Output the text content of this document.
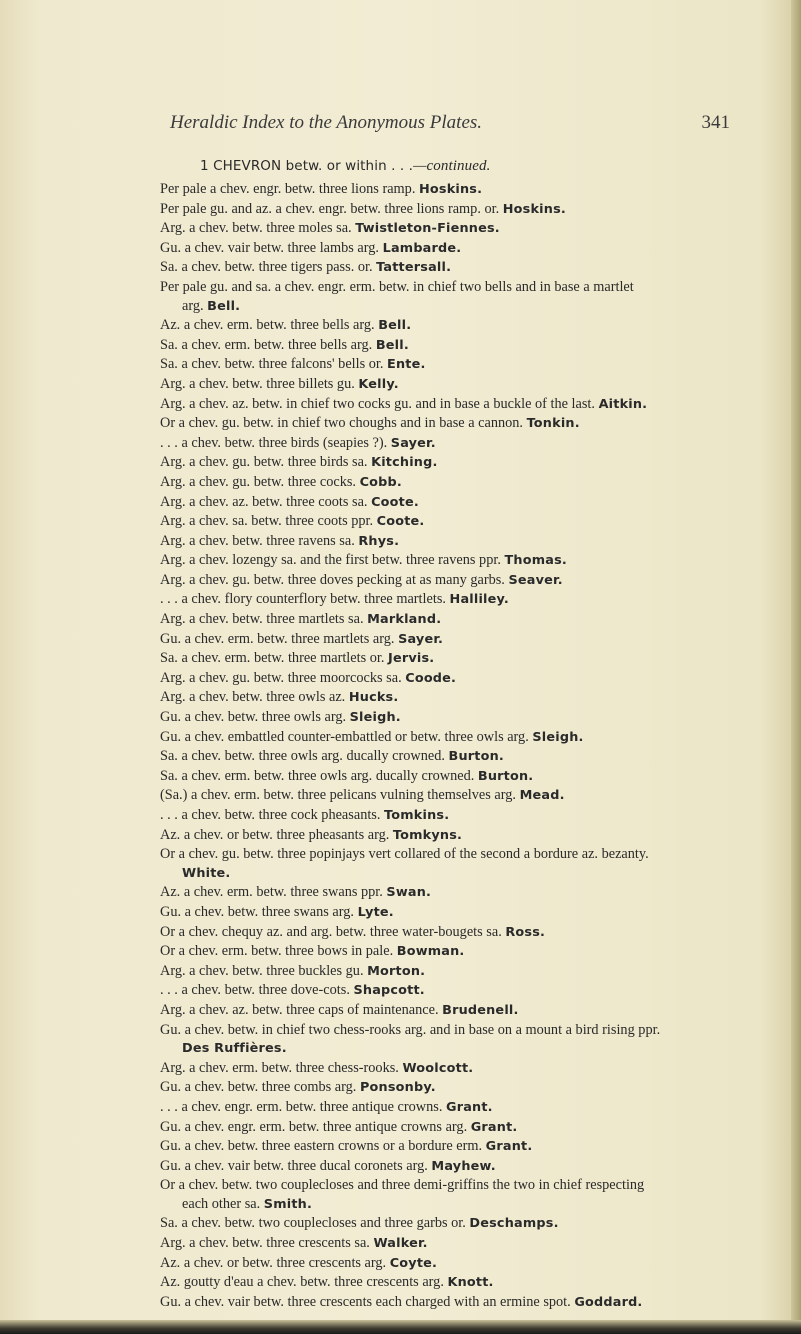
Heraldic Index to the Anonymous Plates.	341
1 CHEVRON betw. or within . . .—continued.
Per pale a chev. engr. betw. three lions ramp. Hoskins.
Per pale gu. and az. a chev. engr. betw. three lions ramp. or. Hoskins.
Arg. a chev. betw. three moles sa. Twistleton-Fiennes.
Gu. a chev. vair betw. three lambs arg. Lambarde.
Sa. a chev. betw. three tigers pass. or. Tattersall.
Per pale gu. and sa. a chev. engr. erm. betw. in chief two bells and in base a martlet
arg. Bell.
Az. a chev. erm. betw. three bells arg. Bell.
Sa. a chev. erm. betw. three bells arg. Bell.
Sa. a chev. betw. three falcons' bells or. Ente.
Arg. a chev. betw. three billets gu. Kelly.
Arg. a chev. az. betw. in chief two cocks gu. and in base a buckle of the last. Aitkin.
Or a chev. gu. betw. in chief two choughs and in base a cannon. Tonkin.
. . . a chev. betw. three birds (seapies ?). Sayer.
Arg. a chev. gu. betw. three birds sa. Kitching.
Arg. a chev. gu. betw. three cocks. Cobb.
Arg. a chev. az. betw. three coots sa. Coote.
Arg. a chev. sa. betw. three coots ppr. Coote.
Arg. a chev. betw. three ravens sa. Rhys.
Arg. a chev. lozengy sa. and the first betw. three ravens ppr. Thomas.
Arg. a chev. gu. betw. three doves pecking at as many garbs. Seaver.
. . . a chev. flory counterflory betw. three martlets. Halliley.
Arg. a chev. betw. three martlets sa. Markland.
Gu. a chev. erm. betw. three martlets arg. Sayer.
Sa. a chev. erm. betw. three martlets or. Jervis.
Arg. a chev. gu. betw. three moorcocks sa. Coode.
Arg. a chev. betw. three owls az. Hucks.
Gu. a chev. betw. three owls arg. Sleigh.
Gu. a chev. embattled counter-embattled or betw. three owls arg. Sleigh.
Sa. a chev. betw. three owls arg. ducally crowned. Burton.
Sa. a chev. erm. betw. three owls arg. ducally crowned. Burton.
(Sa.) a chev. erm. betw. three pelicans vulning themselves arg. Mead.
. . . a chev. betw. three cock pheasants. Tomkins.
Az. a chev. or betw. three pheasants arg. Tomkyns.
Or a chev. gu. betw. three popinjays vert collared of the second a bordure az. bezanty.
White.
Az. a chev. erm. betw. three swans ppr. Swan.
Gu. a chev. betw. three swans arg. Lyte.
Or a chev. chequy az. and arg. betw. three water-bougets sa. Ross.
Or a chev. erm. betw. three bows in pale. Bowman.
Arg. a chev. betw. three buckles gu. Morton.
. . . a chev. betw. three dove-cots. Shapcott.
Arg. a chev. az. betw. three caps of maintenance. Brudenell.
Gu. a chev. betw. in chief two chess-rooks arg. and in base on a mount a bird rising ppr.
Des Ruffières.
Arg. a chev. erm. betw. three chess-rooks. Woolcott.
Gu. a chev. betw. three combs arg. Ponsonby.
. . . a chev. engr. erm. betw. three antique crowns. Grant.
Gu. a chev. engr. erm. betw. three antique crowns arg. Grant.
Gu. a chev. betw. three eastern crowns or a bordure erm. Grant.
Gu. a chev. vair betw. three ducal coronets arg. Mayhew.
Or a chev. betw. two couplecloses and three demi-griffins the two in chief respecting
each other sa. Smith.
Sa. a chev. betw. two couplecloses and three garbs or. Deschamps.
Arg. a chev. betw. three crescents sa. Walker.
Az. a chev. or betw. three crescents arg. Coyte.
Az. goutty d'eau a chev. betw. three crescents arg. Knott.
Gu. a chev. vair betw. three crescents each charged with an ermine spot. Goddard.
